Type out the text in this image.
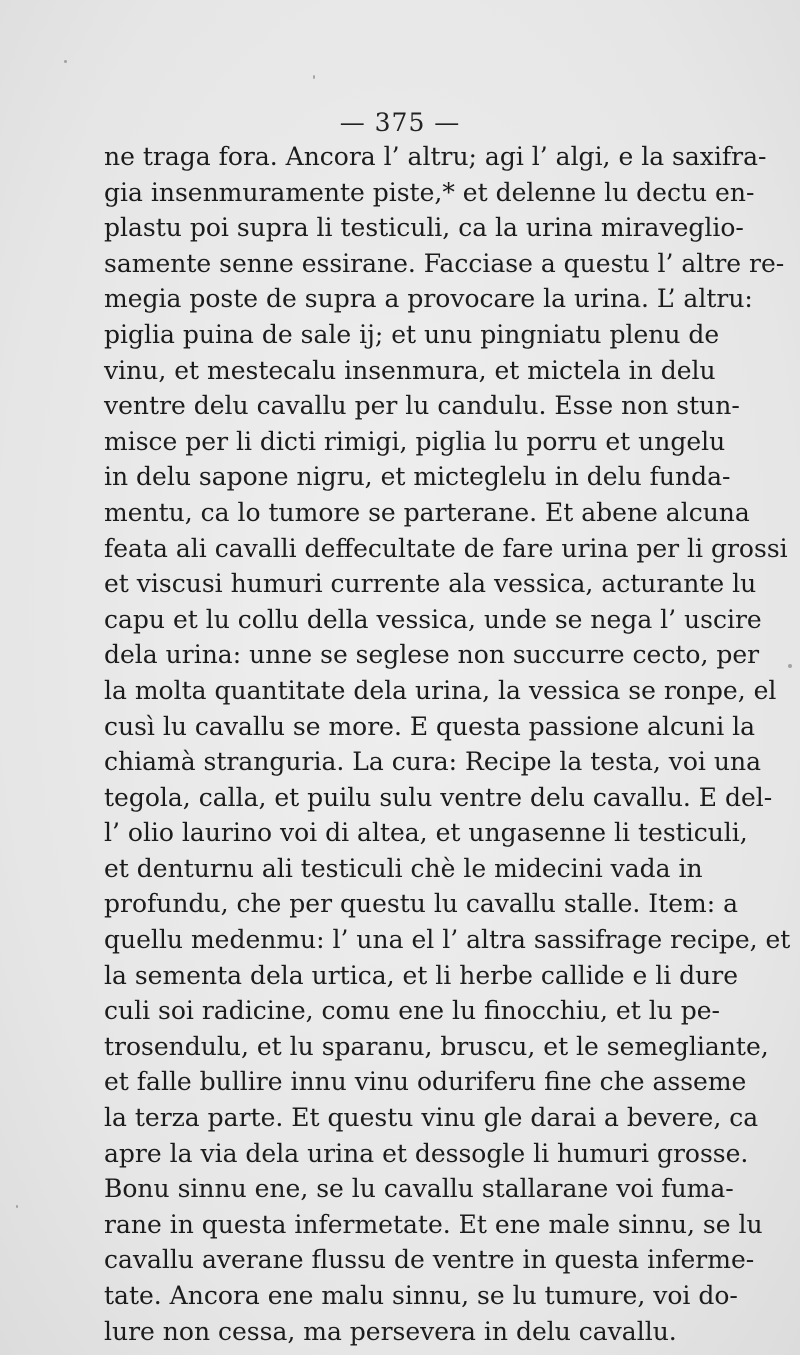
— 375 —
ne traga fora. Ancora l’ altru; agi l’ algi, e la saxifra-
gia insenmuramente piste,* et delenne lu dectu en-
plastu poi supra li testiculi, ca la urina miraveglio-
samente senne essirane. Facciase a questu l’ altre re-
megia poste de supra a provocare la urina. L’ altru:
piglia puina de sale ij; et unu pingniatu plenu de
vinu, et mestecalu insenmura, et mictela in delu
ventre delu cavallu per lu candulu. Esse non stun-
misce per li dicti rimigi, piglia lu porru et ungelu
in delu sapone nigru, et micteglelu in delu funda-
mentu, ca lo tumore se parterane. Et abene alcuna
feata ali cavalli deffecultate de fare urina per li grossi
et viscusi humuri currente ala vessica, acturante lu
capu et lu collu della vessica, unde se nega l’ uscire
dela urina: unne se seglese non succurre cecto, per
la molta quantitate dela urina, la vessica se ronpe, el
cusì lu cavallu se more. E questa passione alcuni la
chiamà stranguria. La cura: Recipe la testa, voi una
tegola, calla, et puilu sulu ventre delu cavallu. E del-
l’ olio laurino voi di altea, et ungasenne li testiculi,
et denturnu ali testiculi chè le midecini vada in
profundu, che per questu lu cavallu stalle. Item: a
quellu medenmu: l’ una el l’ altra sassifrage recipe, et
la sementa dela urtica, et li herbe callide e li dure
culi soi radicine, comu ene lu finocchiu, et lu pe-
trosendulu, et lu sparanu, bruscu, et le semegliante,
et falle bullire innu vinu oduriferu fine che asseme
la terza parte. Et questu vinu gle darai a bevere, ca
apre la via dela urina et dessogle li humuri grosse.
Bonu sinnu ene, se lu cavallu stallarane voi fuma-
rane in questa infermetate. Et ene male sinnu, se lu
cavallu averane flussu de ventre in questa inferme-
tate. Ancora ene malu sinnu, se lu tumure, voi do-
lure non cessa, ma persevera in delu cavallu.
